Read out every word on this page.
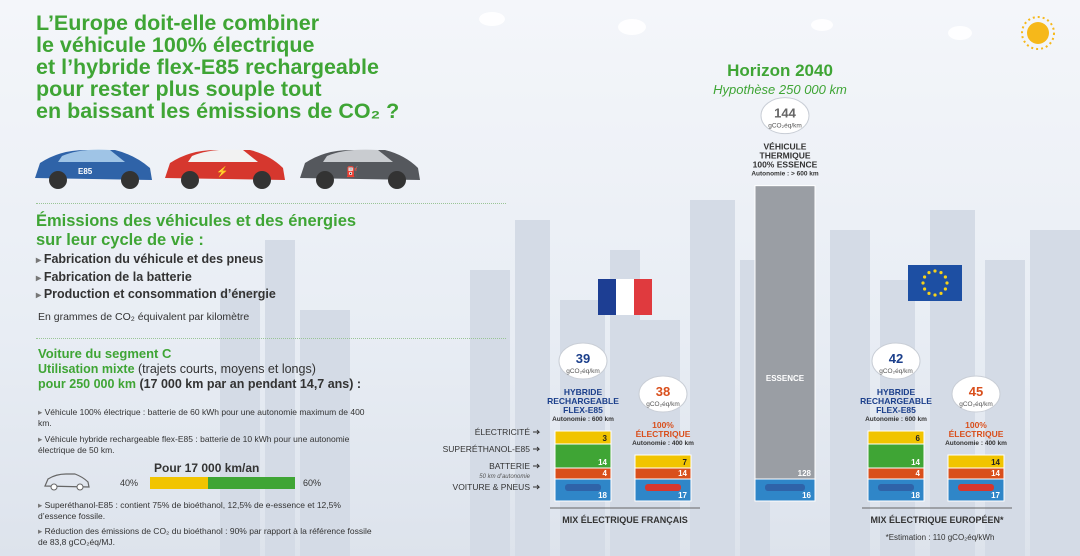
L’Europe doit-elle combiner
le véhicule 100% électrique
et l’hybride flex-E85 rechargeable
pour rester plus souple tout
en baissant les émissions de CO₂ ?
E85	⚡	⛽
Émissions des véhicules et des énergies
sur leur cycle de vie :
▸ Fabrication du véhicule et des pneus
▸ Fabrication de la batterie
▸ Production et consommation d’énergie
En grammes de CO₂ équivalent par kilomètre
Voiture du segment C
Utilisation mixte (trajets courts, moyens et longs)
pour 250 000 km (17 000 km par an pendant 14,7 ans) :
▸ Véhicule 100% électrique : batterie de 60 kWh pour une autonomie maximum de 400 km.
▸ Véhicule hybride rechargeable flex-E85 : batterie de 10 kWh pour une autonomie électrique de 50 km.
Pour 17 000 km/an
40%	60%
▸ Superéthanol-E85 : contient 75% de bioéthanol, 12,5% de e-essence et 12,5% d’essence fossile.
▸ Réduction des émissions de CO₂ du bioéthanol : 90% par rapport à la référence fossile de 83,8 gCO₂éq/MJ.
Horizon 2040
Hypothèse 250 000 km
18
4
14
3
HYBRIDE
RECHARGEABLE
FLEX-E85
Autonomie : 600 km
39
gCO₂éq/km
17
14
7
100%
ÉLECTRIQUE
Autonomie : 400 km
38
gCO₂éq/km
16
128
VÉHICULE
THERMIQUE
100% ESSENCE
Autonomie : > 600 km
144
gCO₂éq/km
ESSENCE
18
4
14
6
HYBRIDE
RECHARGEABLE
FLEX-E85
Autonomie : 600 km
42
gCO₂éq/km
17
14
14
100%
ÉLECTRIQUE
Autonomie : 400 km
45
gCO₂éq/km
ÉLECTRICITÉ
SUPERÉTHANOL-E85
BATTERIE
VOITURE & PNEUS
50 km d’autonomie
MIX ÉLECTRIQUE FRANÇAIS	MIX ÉLECTRIQUE EUROPÉEN*
*Estimation : 110 gCO₂éq/kWh
